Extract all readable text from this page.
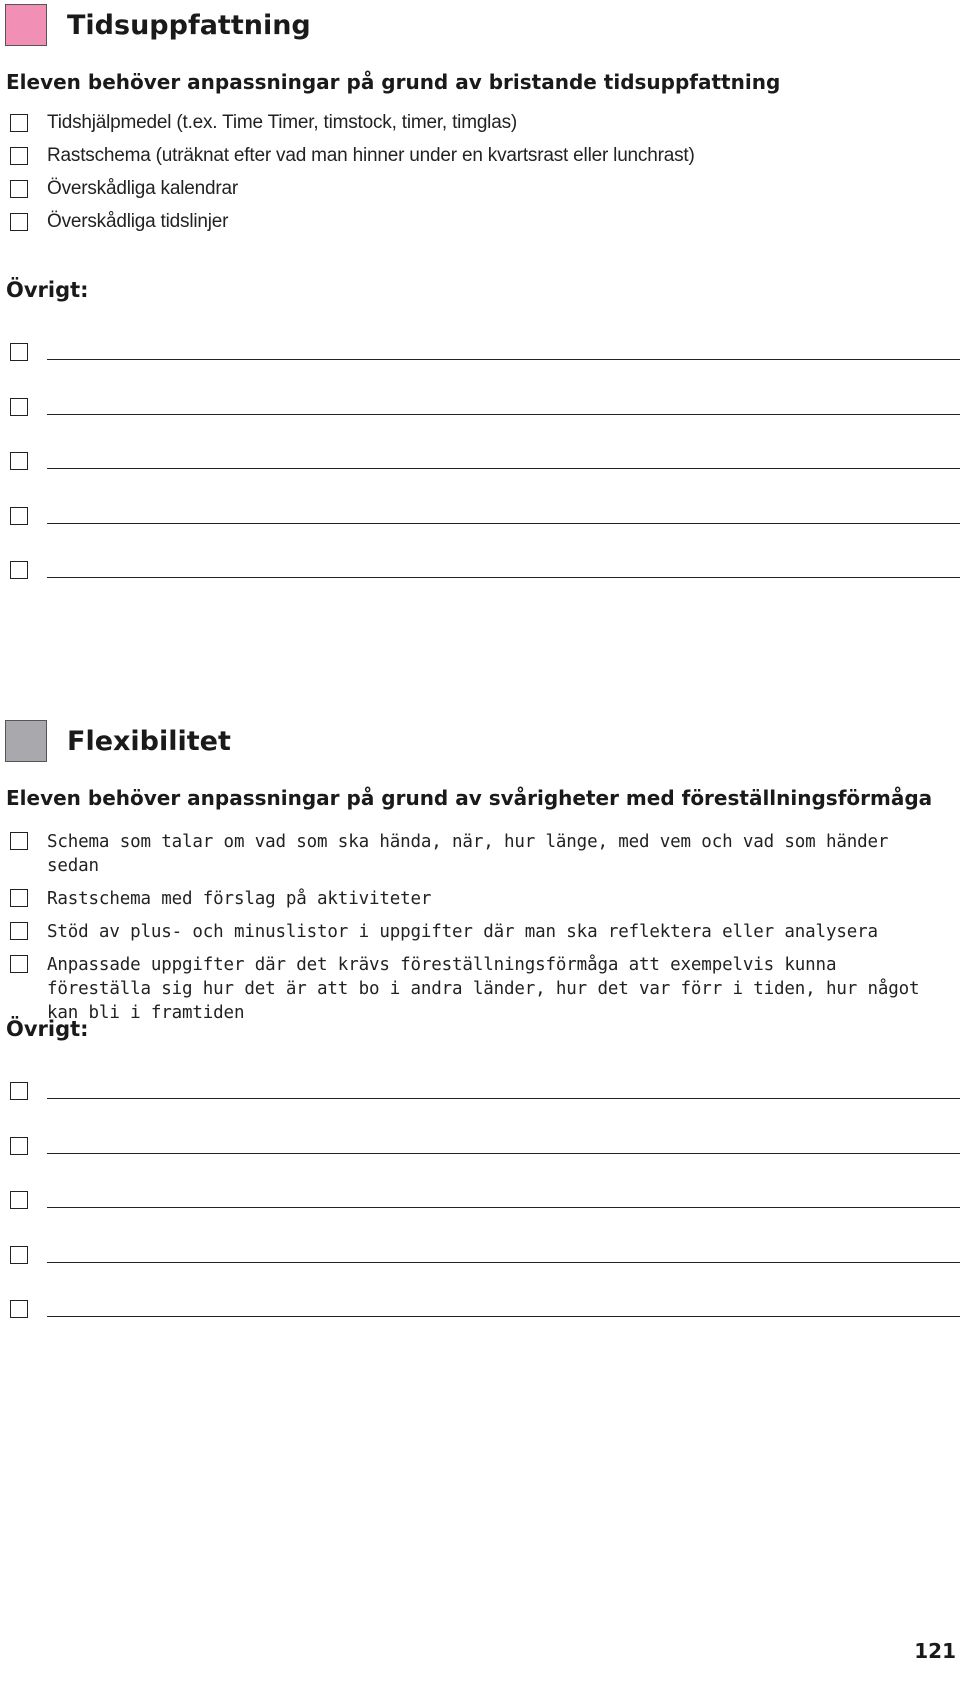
Tidsuppfattning
Eleven behöver anpassningar på grund av bristande tidsuppfattning
Tidshjälpmedel (t.ex. Time Timer, timstock, timer, timglas)
Rastschema (uträknat efter vad man hinner under en kvartsrast eller lunchrast)
Överskådliga kalendrar
Överskådliga tidslinjer
Övrigt:
Flexibilitet
Eleven behöver anpassningar på grund av svårigheter med föreställningsförmåga
Schema som talar om vad som ska hända, när, hur länge, med vem och vad som händer sedan
Rastschema med förslag på aktiviteter
Stöd av plus- och minuslistor i uppgifter där man ska reflektera eller analysera
Anpassade uppgifter där det krävs föreställningsförmåga att exempelvis kunna föreställa sig hur det är att bo i andra länder, hur det var förr i tiden, hur något kan bli i framtiden
Övrigt:
121
